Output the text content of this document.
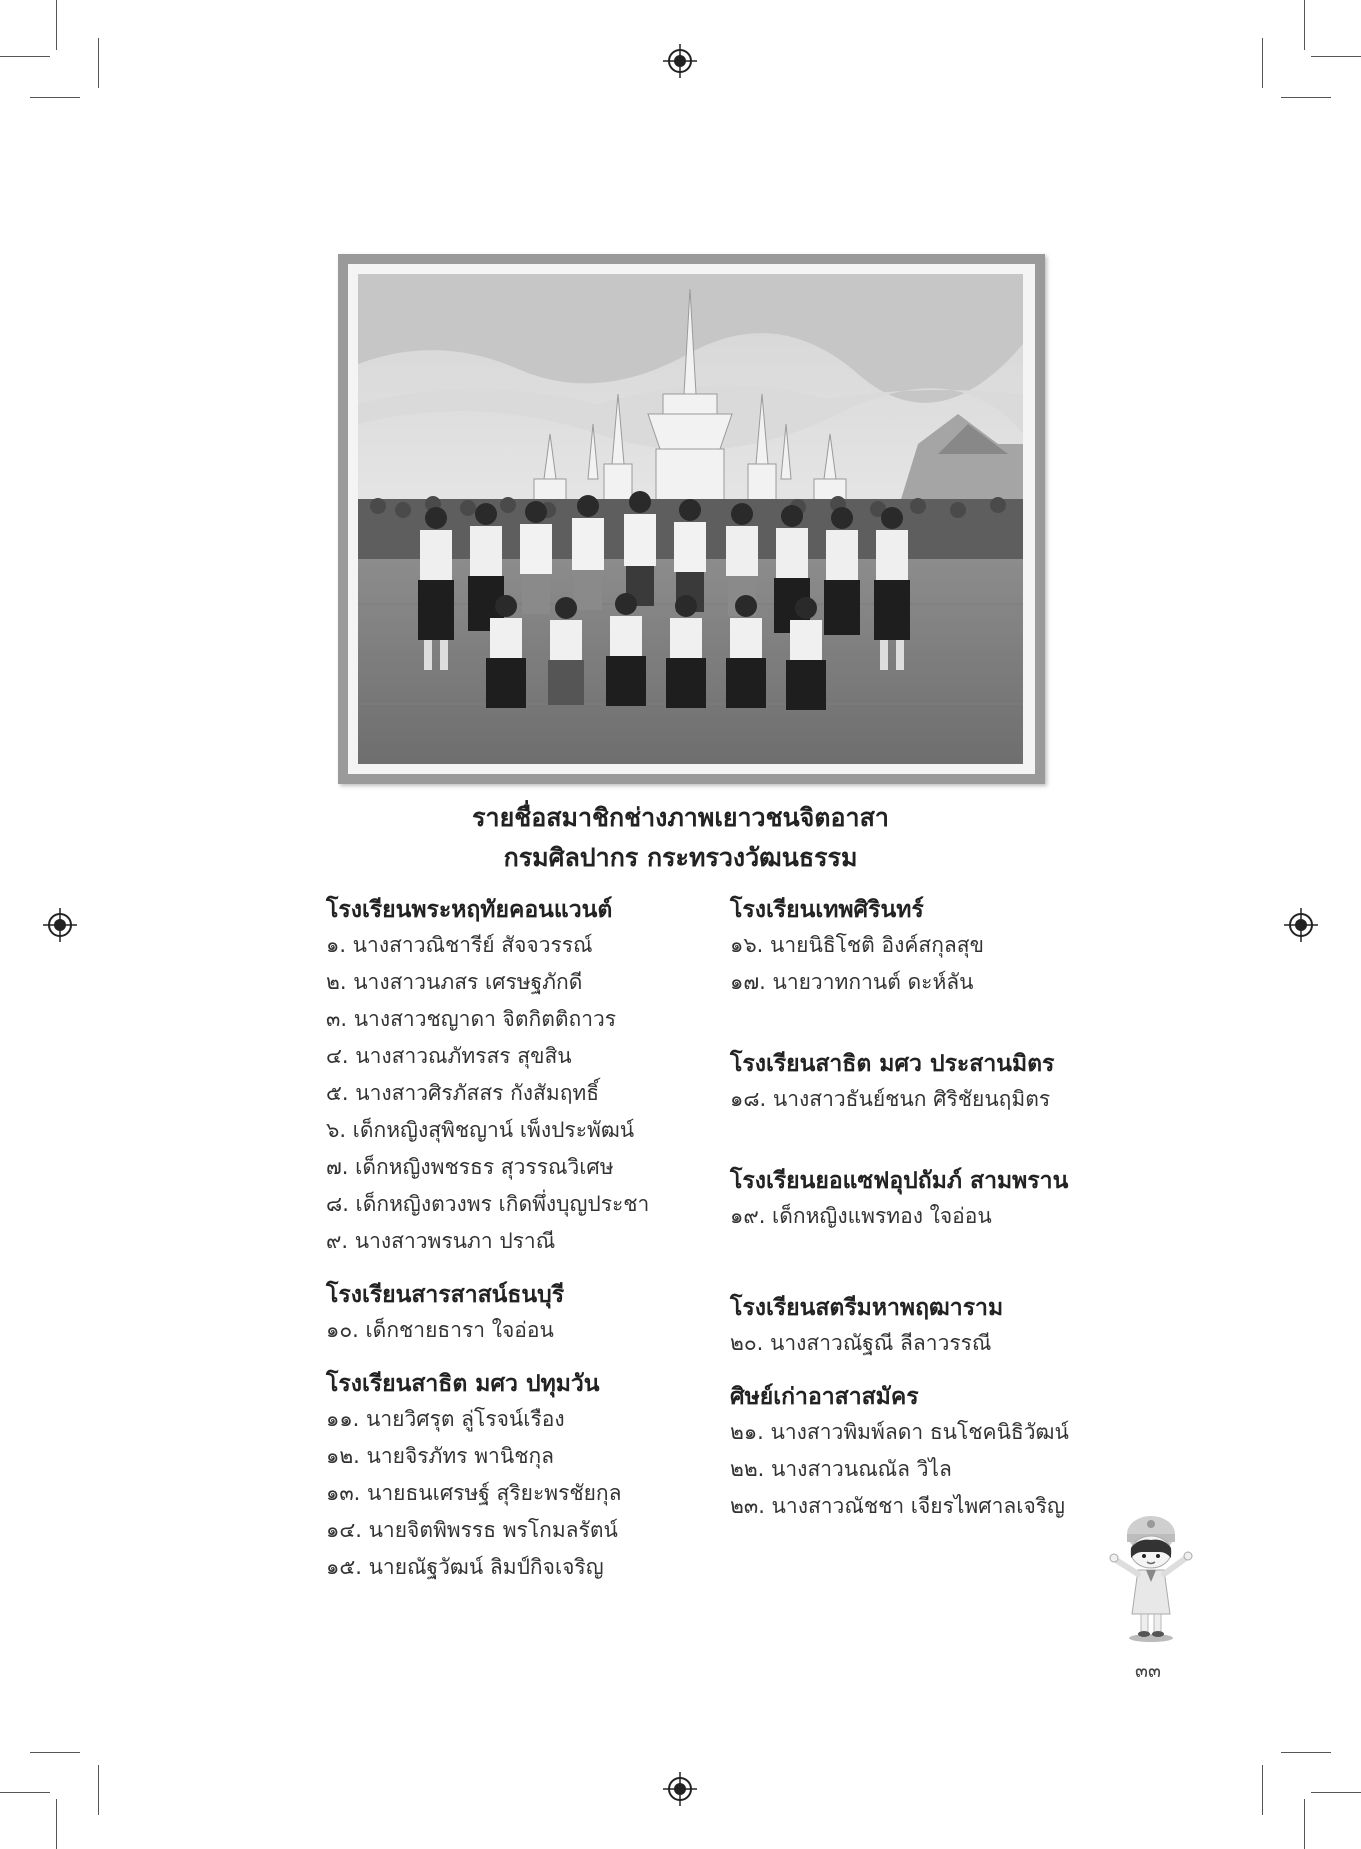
รายชื่อสมาชิกช่างภาพเยาวชนจิตอาสา
กรมศิลปากร กระทรวงวัฒนธรรม
โรงเรียนพระหฤทัยคอนแวนต์
๑. นางสาวณิชารีย์ สัจจวรรณ์
๒. นางสาวนภสร เศรษฐภักดี
๓. นางสาวชญาดา จิตกิตติถาวร
๔. นางสาวณภัทรสร สุขสิน
๕. นางสาวศิรภัสสร กังสัมฤทธิ์
๖. เด็กหญิงสุพิชญาน์ เพ็งประพัฒน์
๗. เด็กหญิงพชรธร สุวรรณวิเศษ
๘. เด็กหญิงตวงพร เกิดพึ่งบุญประชา
๙. นางสาวพรนภา ปราณี
โรงเรียนสารสาสน์ธนบุรี
๑๐. เด็กชายธารา ใจอ่อน
โรงเรียนสาธิต มศว ปทุมวัน
๑๑. นายวิศรุต ลู่โรจน์เรือง
๑๒. นายจิรภัทร พานิชกุล
๑๓. นายธนเศรษฐ์ สุริยะพรชัยกุล
๑๔. นายจิตพิพรรธ พรโกมลรัตน์
๑๕. นายณัฐวัฒน์ ลิมป์กิจเจริญ
โรงเรียนเทพศิรินทร์
๑๖. นายนิธิโชติ อิงค์สกุลสุข
๑๗. นายวาทกานต์ ดะห์ลัน
โรงเรียนสาธิต มศว ประสานมิตร
๑๘. นางสาวธันย์ชนก ศิริชัยนฤมิตร
โรงเรียนยอแซฟอุปถัมภ์ สามพราน
๑๙. เด็กหญิงแพรทอง ใจอ่อน
โรงเรียนสตรีมหาพฤฒาราม
๒๐. นางสาวณัฐณี ลีลาวรรณี
ศิษย์เก่าอาสาสมัคร
๒๑. นางสาวพิมพ์ลดา ธนโชคนิธิวัฒน์
๒๒. นางสาวนณณัล วิไล
๒๓. นางสาวณัชชา เจียรไพศาลเจริญ
๓๓
